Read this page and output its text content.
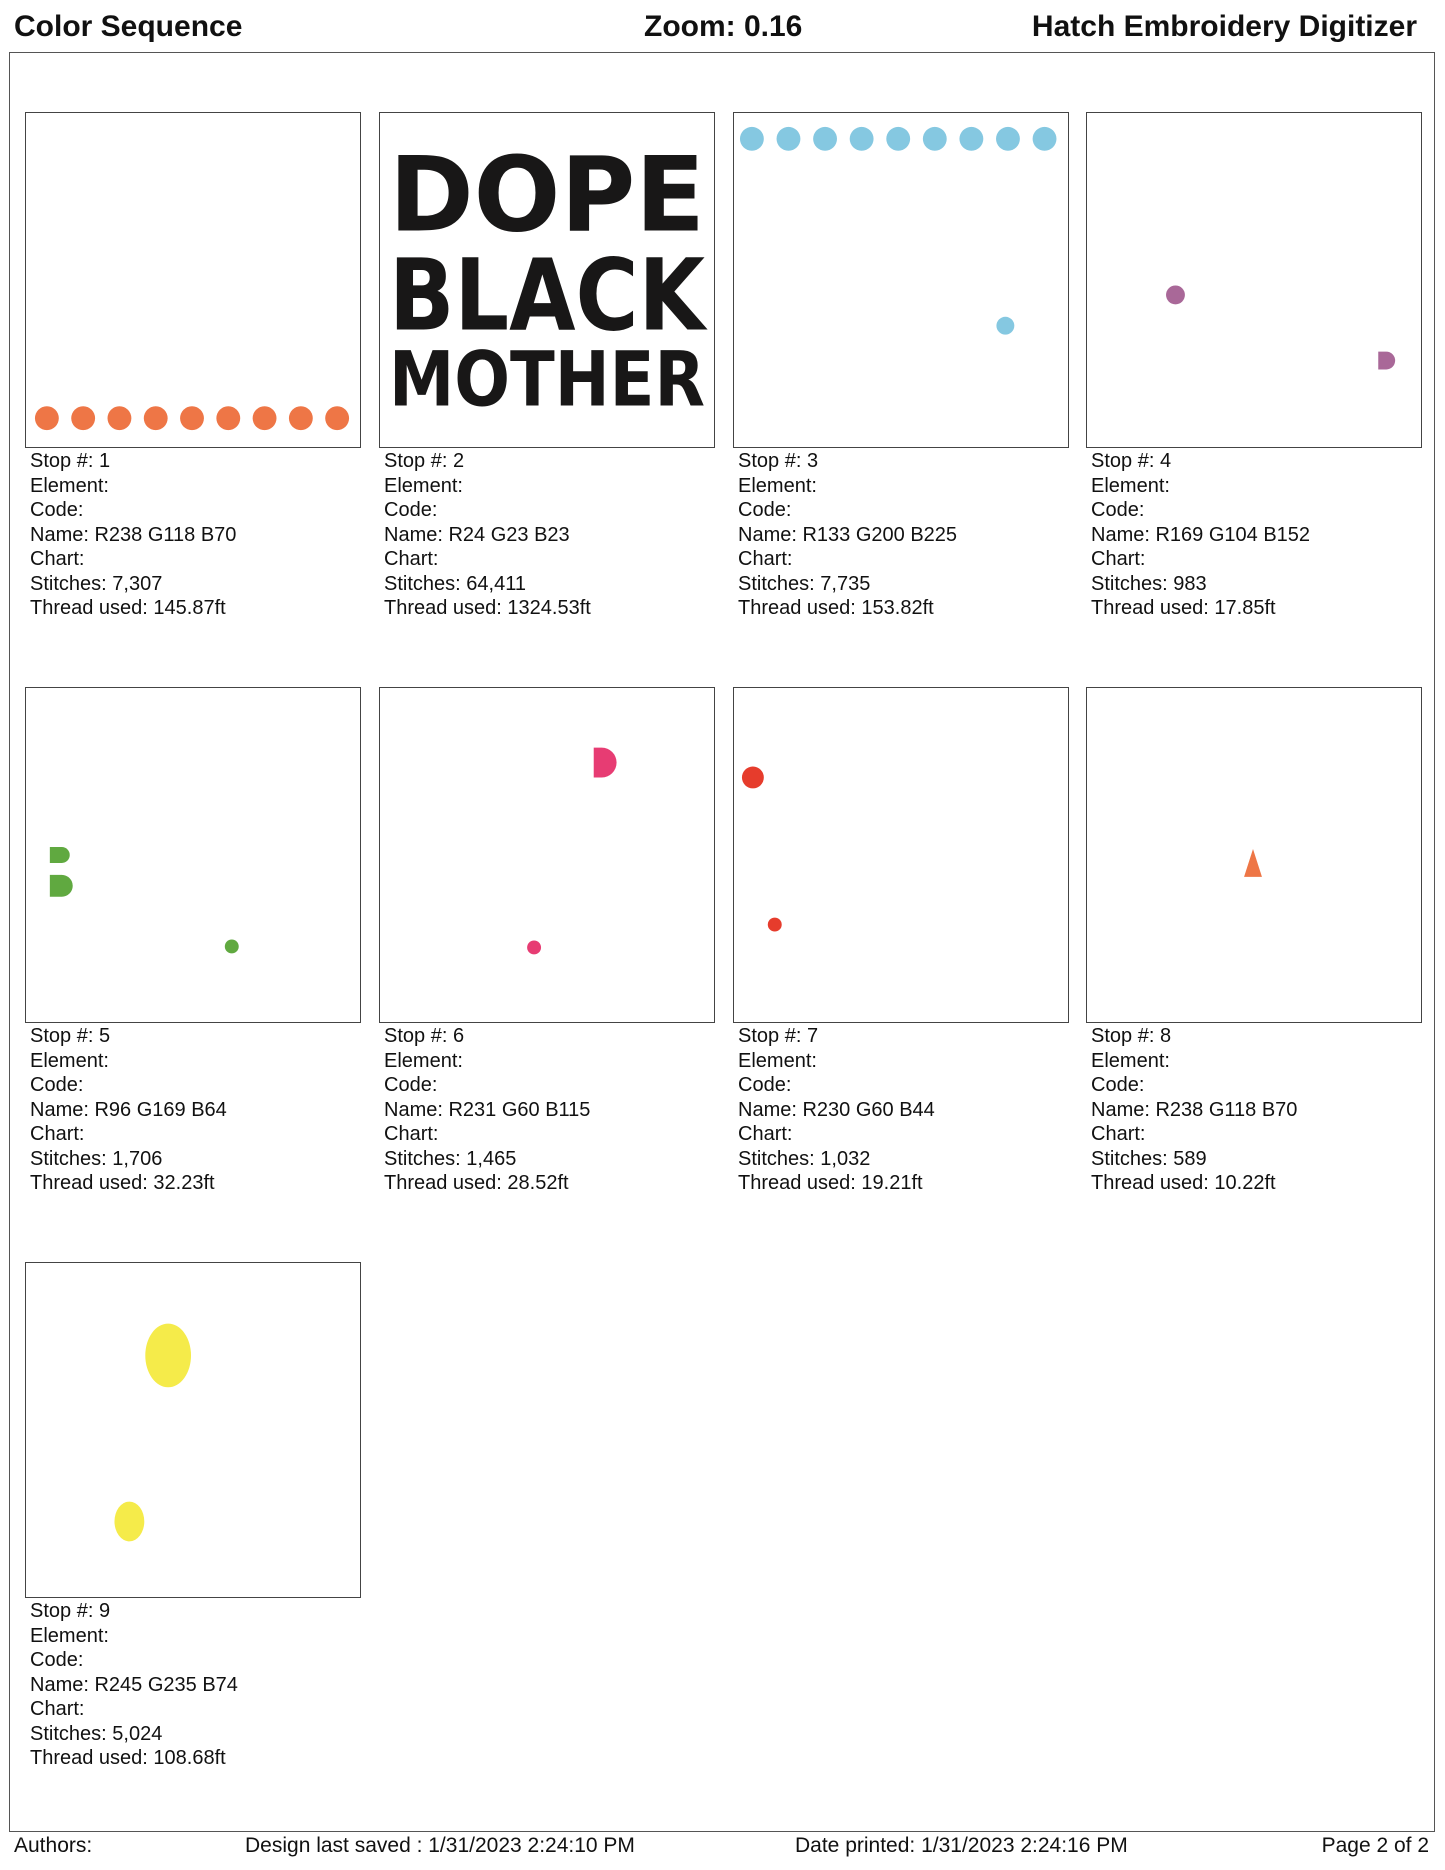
Color Sequence	Zoom: 0.16	Hatch Embroidery Digitizer
Stop #: 1
Element:
Code:
Name: R238 G118 B70
Chart:
Stitches: 7,307
Thread used: 145.87ft
DOPE
BLACK
MOTHER
Stop #: 2
Element:
Code:
Name: R24 G23 B23
Chart:
Stitches: 64,411
Thread used: 1324.53ft
Stop #: 3
Element:
Code:
Name: R133 G200 B225
Chart:
Stitches: 7,735
Thread used: 153.82ft
Stop #: 4
Element:
Code:
Name: R169 G104 B152
Chart:
Stitches: 983
Thread used: 17.85ft
Stop #: 5
Element:
Code:
Name: R96 G169 B64
Chart:
Stitches: 1,706
Thread used: 32.23ft
Stop #: 6
Element:
Code:
Name: R231 G60 B115
Chart:
Stitches: 1,465
Thread used: 28.52ft
Stop #: 7
Element:
Code:
Name: R230 G60 B44
Chart:
Stitches: 1,032
Thread used: 19.21ft
Stop #: 8
Element:
Code:
Name: R238 G118 B70
Chart:
Stitches: 589
Thread used: 10.22ft
Stop #: 9
Element:
Code:
Name: R245 G235 B74
Chart:
Stitches: 5,024
Thread used: 108.68ft
Authors:	Design last saved : 1/31/2023 2:24:10 PM	Date printed: 1/31/2023 2:24:16 PM	Page 2 of 2
